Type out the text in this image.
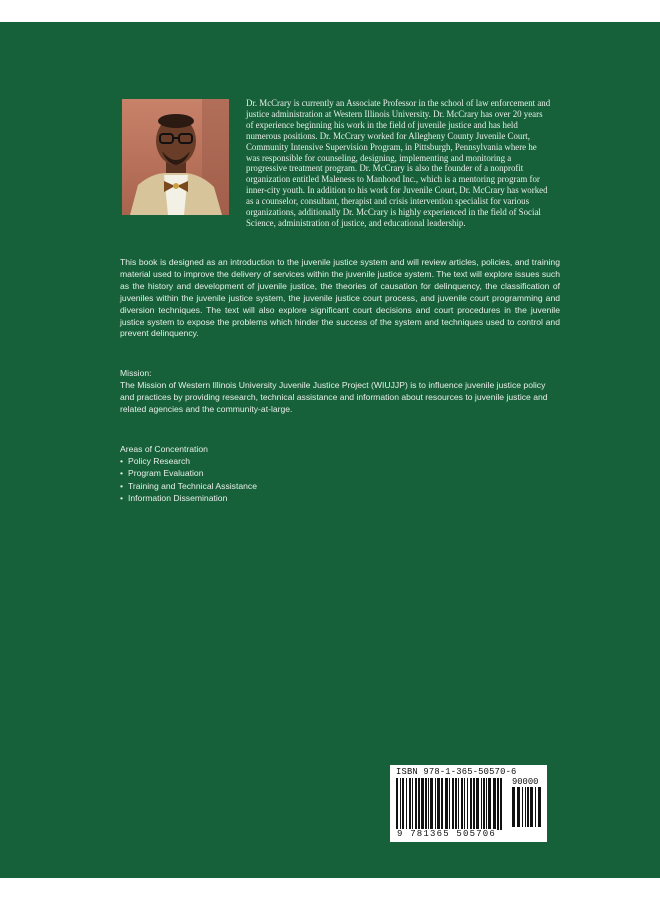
Dr. McCrary is currently an Associate Professor in the school of law enforcement and justice administration at Western Illinois University. Dr. McCrary has over 20 years of experience beginning his work in the field of juvenile justice and has held numerous positions. Dr. McCrary worked for Allegheny County Juvenile Court, Community Intensive Supervision Program, in Pittsburgh, Pennsylvania where he was responsible for counseling, designing, implementing and monitoring a progressive treatment program. Dr. McCrary is also the founder of a nonprofit organization entitled Maleness to Manhood Inc., which is a mentoring program for inner-city youth. In addition to his work for Juvenile Court, Dr. McCrary has worked as a counselor, consultant, therapist and crisis intervention specialist for various organizations, additionally Dr. McCrary is highly experienced in the field of Social Science, administration of justice, and educational leadership.

This book is designed as an introduction to the juvenile justice system and will review articles, policies, and training material used to improve the delivery of services within the juvenile justice system. The text will explore issues such as the history and development of juvenile justice, the theories of causation for delinquency, the classification of juveniles within the juvenile justice system, the juvenile justice court process, and juvenile court programming and diversion techniques. The text will also explore significant court decisions and court procedures in the juvenile justice system to expose the problems which hinder the success of the system and techniques used to control and prevent delinquency.

Mission:

The Mission of Western Illinois University Juvenile Justice Project (WIUJJP) is to influence juvenile justice policy and practices by providing research, technical assistance and information about resources to juvenile justice and related agencies and the community-at-large.

Areas of Concentration

• Policy Research
• Program Evaluation
• Training and Technical Assistance
• Information Dissemination
ISBN 978-1-365-50570-6
90000
9 781365 505706
